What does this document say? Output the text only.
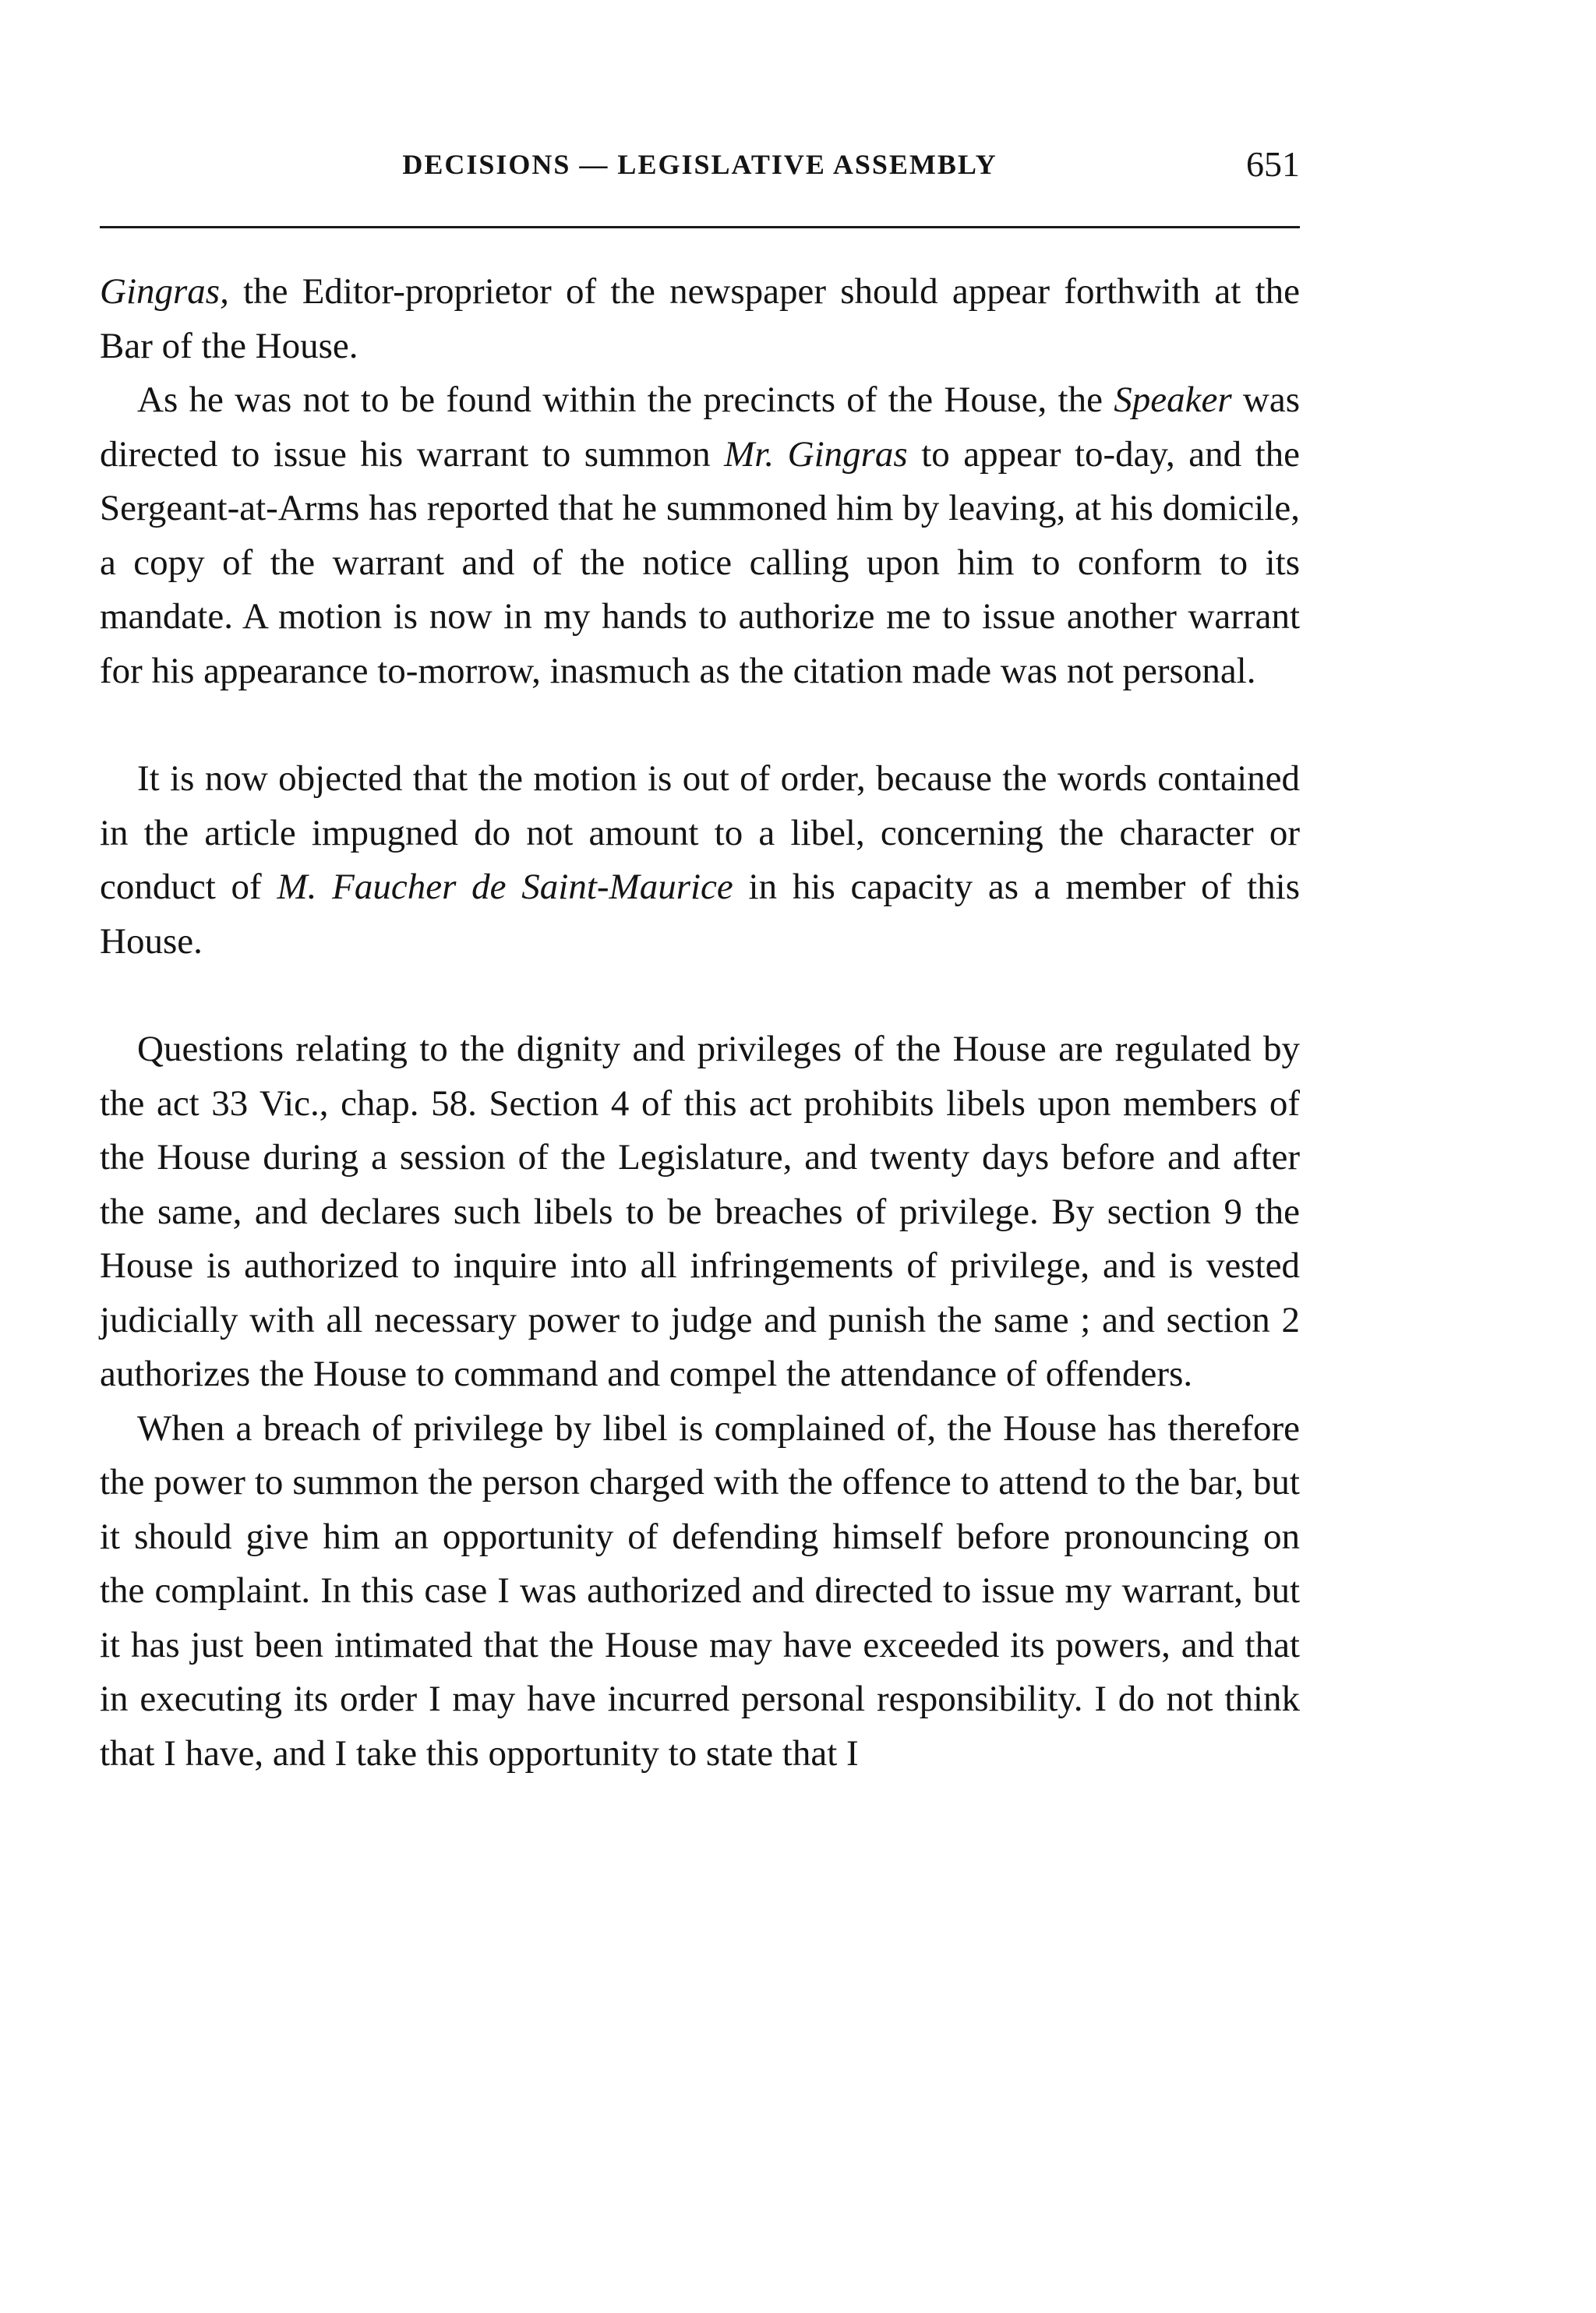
DECISIONS — LEGISLATIVE ASSEMBLY	651

Gingras, the Editor-proprietor of the newspaper should appear forthwith at the Bar of the House.

As he was not to be found within the precincts of the House, the Speaker was directed to issue his warrant to summon Mr. Gingras to appear to-day, and the Sergeant-at-Arms has reported that he summoned him by leaving, at his domicile, a copy of the warrant and of the notice calling upon him to conform to its mandate. A motion is now in my hands to authorize me to issue another warrant for his appearance to-morrow, inasmuch as the citation made was not personal.

It is now objected that the motion is out of order, because the words contained in the article impugned do not amount to a libel, concerning the character or conduct of M. Faucher de Saint-Maurice in his capacity as a member of this House.

Questions relating to the dignity and privileges of the House are regulated by the act 33 Vic., chap. 58. Section 4 of this act prohibits libels upon members of the House during a session of the Legislature, and twenty days before and after the same, and declares such libels to be breaches of privilege. By section 9 the House is authorized to inquire into all infringements of privilege, and is vested judicially with all necessary power to judge and punish the same ; and section 2 authorizes the House to command and compel the attendance of offenders.

When a breach of privilege by libel is complained of, the House has therefore the power to summon the person charged with the offence to attend to the bar, but it should give him an opportunity of defending himself before pronouncing on the complaint. In this case I was authorized and directed to issue my warrant, but it has just been intimated that the House may have exceeded its powers, and that in executing its order I may have incurred personal responsibility. I do not think that I have, and I take this opportunity to state that I
